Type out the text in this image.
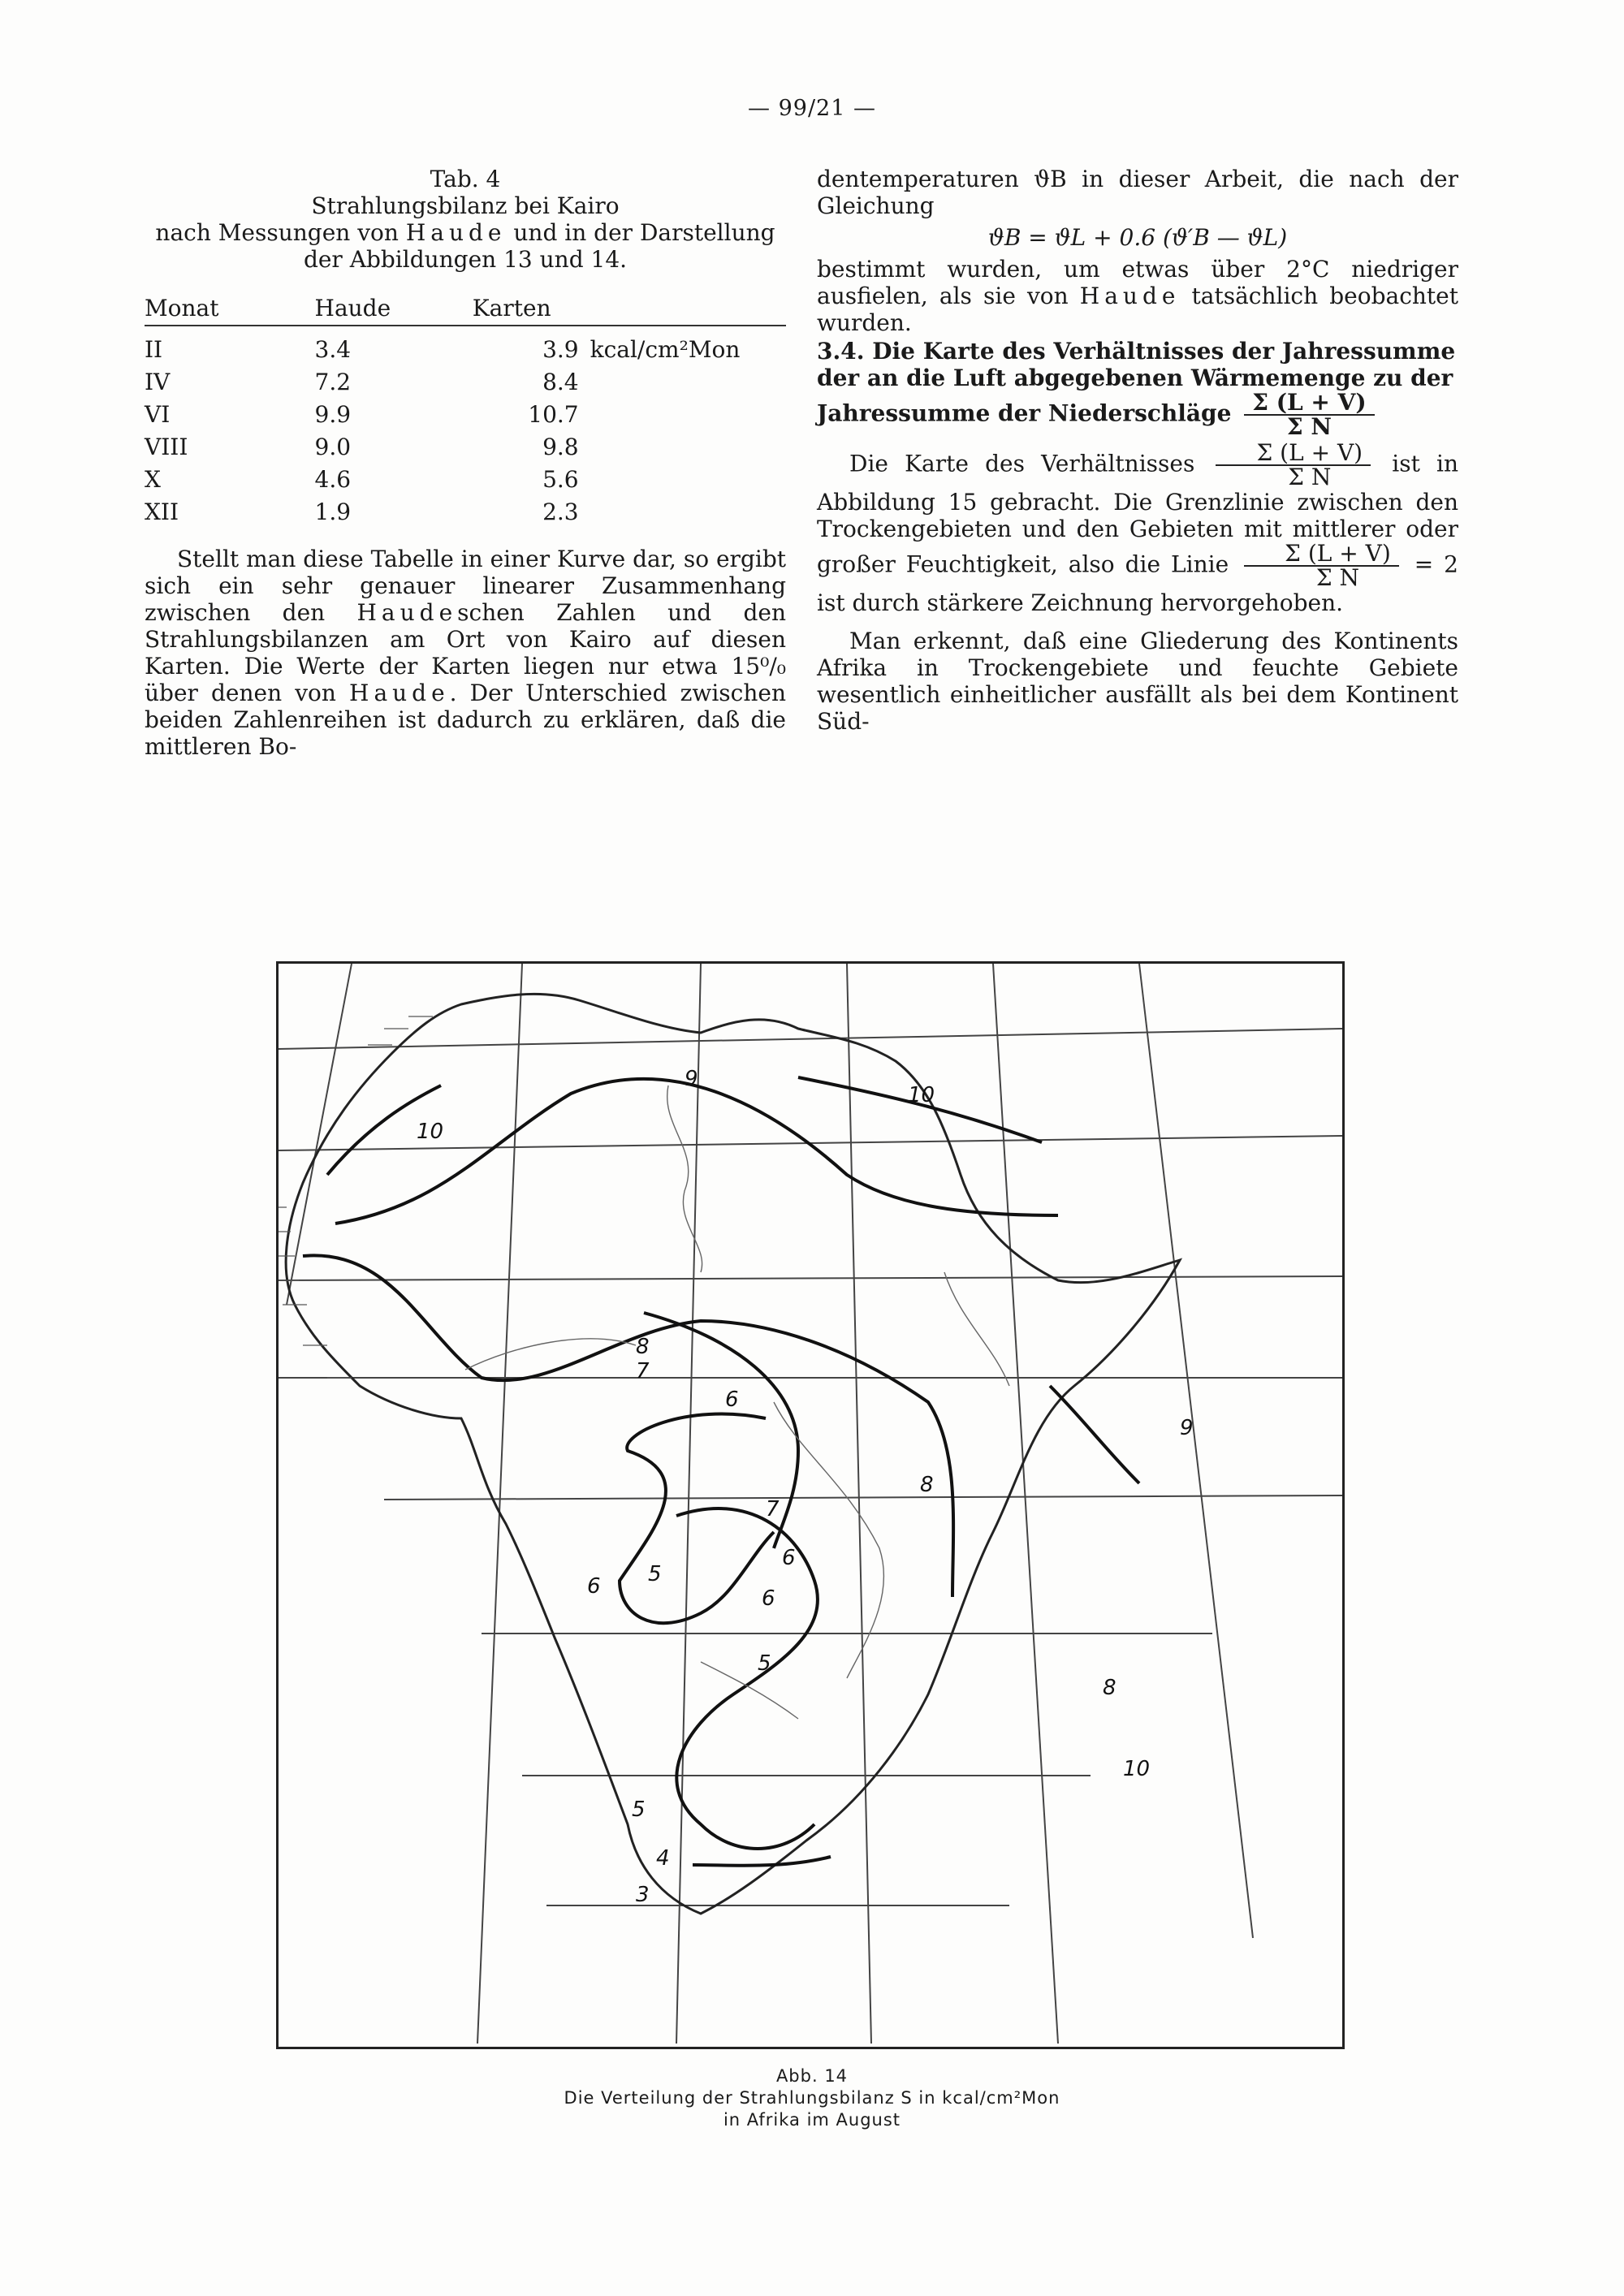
— 99/21 —
Tab. 4
Strahlungsbilanz bei Kairo
nach Messungen von Haude und in der Darstellung
der Abbildungen 13 und 14.
Monat	Haude	Karten	
II	3.4	3.9	kcal/cm²Mon
IV	7.2	8.4	
VI	9.9	10.7	
VIII	9.0	9.8	
X	4.6	5.6	
XII	1.9	2.3	
Stellt man diese Tabelle in einer Kurve dar, so ergibt sich ein sehr genauer linearer Zusammenhang zwischen den Haudeschen Zahlen und den Strahlungsbilanzen am Ort von Kairo auf diesen Karten. Die Werte der Karten liegen nur etwa 15⁰/₀ über denen von Haude. Der Unterschied zwischen beiden Zahlenreihen ist dadurch zu erklären, daß die mittleren Bo-
dentemperaturen ϑB in dieser Arbeit, die nach der Gleichung
ϑB = ϑL + 0.6 (ϑ′B — ϑL)
bestimmt wurden, um etwas über 2°C niedriger ausfielen, als sie von Haude tatsächlich beobachtet wurden.
3.4. Die Karte des Verhältnisses der Jahressumme der an die Luft abgegebenen Wärmemenge zu der Jahressumme der Niederschläge $\frac{\Sigma (L + V)}{\text{Σ N}}$
Die Karte des Verhältnisses $\frac{\Sigma (L + V)}{\text{Σ N}}$ ist in Abbildung 15 gebracht. Die Grenzlinie zwischen den Trockengebieten und den Gebieten mit mittlerer oder großer Feuchtigkeit, also die Linie $\frac{\Sigma (L + V)}{\text{Σ N}} = 2$ ist durch stärkere Zeichnung hervorgehoben.
Man erkennt, daß eine Gliederung des Kontinents Afrika in Trockengebiete und feuchte Gebiete wesentlich einheitlicher ausfällt als bei dem Kontinent Süd-
10
9
10
8
7
6
6
7
5
6
6
5
5
4
3
8
9
8
10
Abb. 14
Die Verteilung der Strahlungsbilanz S in kcal/cm²Mon
in Afrika im August
